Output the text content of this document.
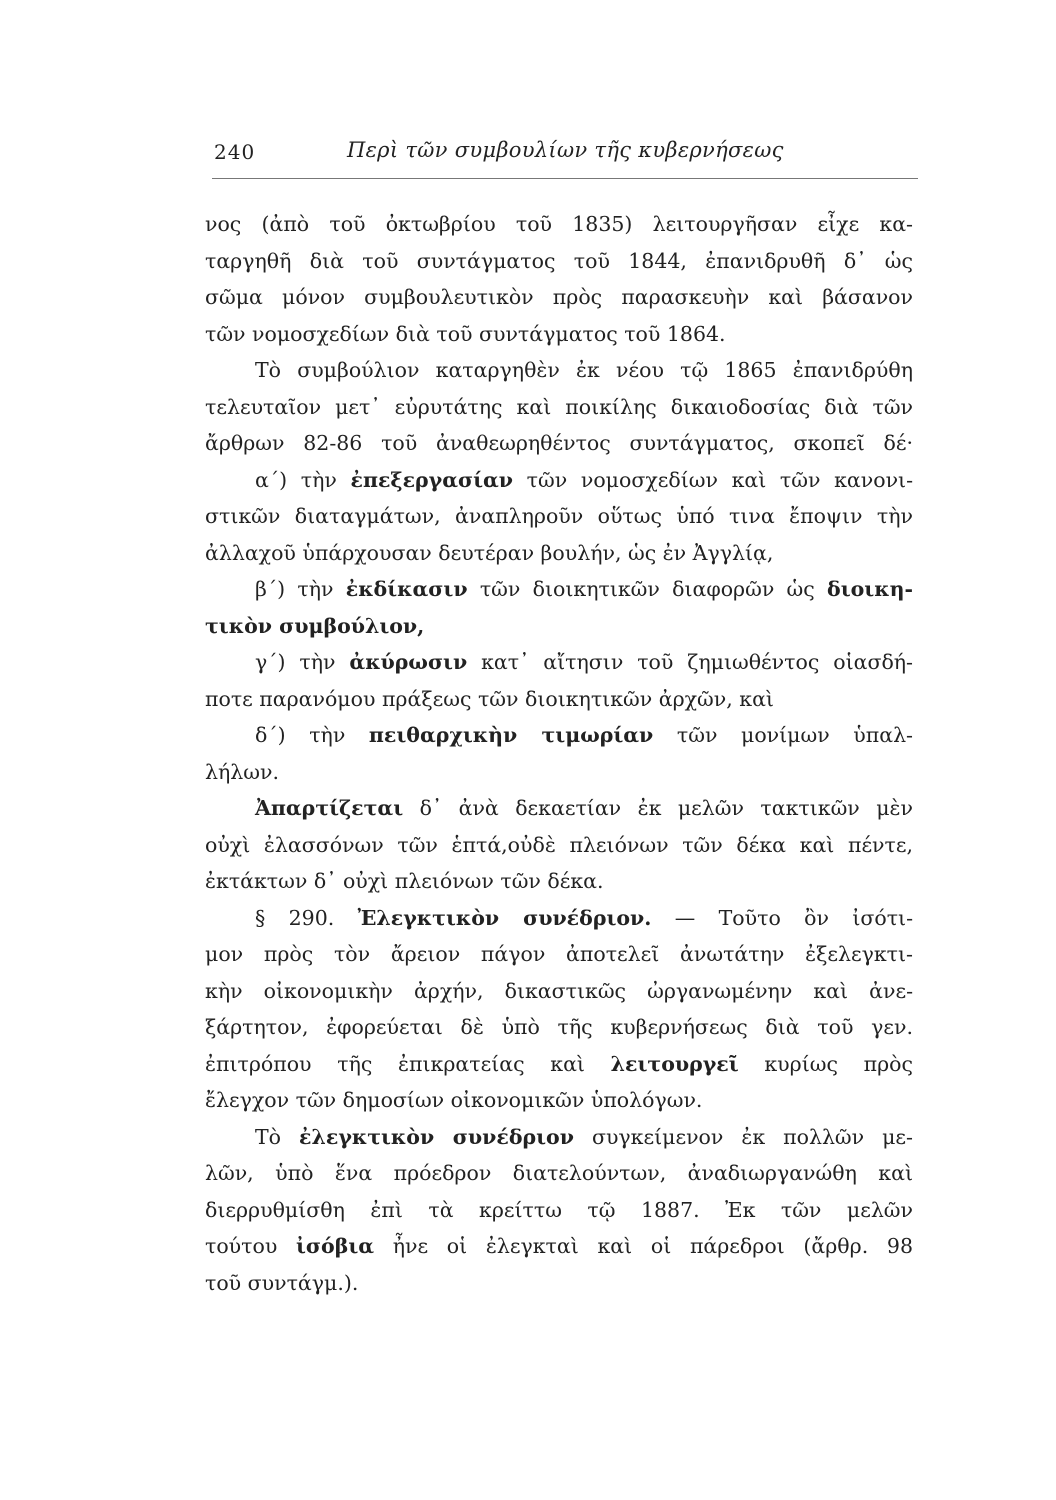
240	Περὶ τῶν συμβουλίων τῆς κυβερνήσεως
νος (ἀπὸ τοῦ ὀκτωβρίου τοῦ 1835) λειτουργῆσαν εἶχε κα-
ταργηθῆ διὰ τοῦ συντάγματος τοῦ 1844, ἐπανιδρυθῆ δ᾿ ὡς
σῶμα μόνον συμβουλευτικὸν πρὸς παρασκευὴν καὶ βάσανον
τῶν νομοσχεδίων διὰ τοῦ συντάγματος τοῦ 1864.
Τὸ συμβούλιον καταργηθὲν ἐκ νέου τῷ 1865 ἐπανιδρύθη
τελευταῖον μετ᾿ εὐρυτάτης καὶ ποικίλης δικαιοδοσίας διὰ τῶν
ἄρθρων 82-86 τοῦ ἀναθεωρηθέντος συντάγματος, σκοπεῖ δέ·
α΄) τὴν ἐπεξεργασίαν τῶν νομοσχεδίων καὶ τῶν κανονι-
στικῶν διαταγμάτων, ἀναπληροῦν οὕτως ὑπό τινα ἔποψιν τὴν
ἀλλαχοῦ ὑπάρχουσαν δευτέραν βουλήν, ὡς ἐν Ἀγγλίᾳ,
β΄) τὴν ἐκδίκασιν τῶν διοικητικῶν διαφορῶν ὡς διοικη-
τικὸν συμβούλιον,
γ΄) τὴν ἀκύρωσιν κατ᾿ αἴτησιν τοῦ ζημιωθέντος οἱασδή-
ποτε παρανόμου πράξεως τῶν διοικητικῶν ἀρχῶν, καὶ
δ΄) τὴν πειθαρχικὴν τιμωρίαν τῶν μονίμων ὑπαλ-
λήλων.
Ἀπαρτίζεται δ᾿ ἀνὰ δεκαετίαν ἐκ μελῶν τακτικῶν μὲν
οὐχὶ ἐλασσόνων τῶν ἑπτά,οὐδὲ πλειόνων τῶν δέκα καὶ πέντε,
ἐκτάκτων δ᾿ οὐχὶ πλειόνων τῶν δέκα.
§ 290. Ἐλεγκτικὸν συνέδριον. — Τοῦτο ὂν ἰσότι-
μον πρὸς τὸν ἄρειον πάγον ἀποτελεῖ ἀνωτάτην ἐξελεγκτι-
κὴν οἰκονομικὴν ἀρχήν, δικαστικῶς ὠργανωμένην καὶ ἀνε-
ξάρτητον, ἐφορεύεται δὲ ὑπὸ τῆς κυβερνήσεως διὰ τοῦ γεν.
ἐπιτρόπου τῆς ἐπικρατείας καὶ λειτουργεῖ κυρίως πρὸς
ἔλεγχον τῶν δημοσίων οἰκονομικῶν ὑπολόγων.
Τὸ ἐλεγκτικὸν συνέδριον συγκείμενον ἐκ πολλῶν με-
λῶν, ὑπὸ ἕνα πρόεδρον διατελούντων, ἀναδιωργανώθη καὶ
διερρυθμίσθη ἐπὶ τὰ κρείττω τῷ 1887. Ἐκ τῶν μελῶν
τούτου ἰσόβια ἦνε οἱ ἐλεγκταὶ καὶ οἱ πάρεδροι (ἄρθρ. 98
τοῦ συντάγμ.).
